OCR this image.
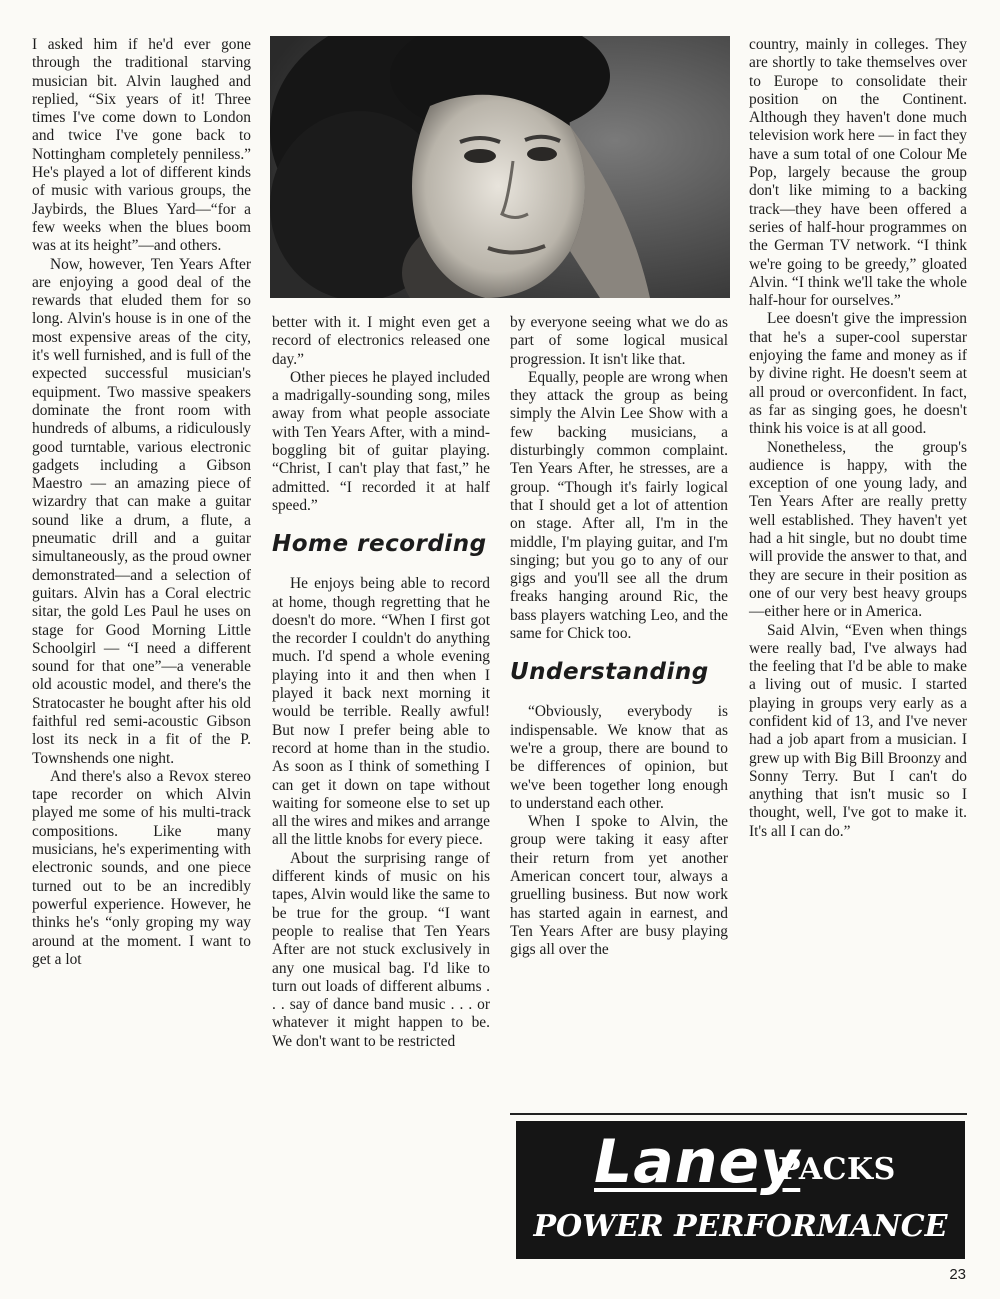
I asked him if he'd ever gone through the traditional starving musician bit. Alvin laughed and replied, “Six years of it! Three times I've come down to London and twice I've gone back to Nottingham completely penniless.” He's played a lot of different kinds of music with various groups, the Jaybirds, the Blues Yard—“for a few weeks when the blues boom was at its height”—and others.

Now, however, Ten Years After are enjoying a good deal of the rewards that eluded them for so long. Alvin's house is in one of the most expensive areas of the city, it's well furnished, and is full of the expected successful musician's equipment. Two massive speakers dominate the front room with hundreds of albums, a ridiculously good turntable, various electronic gadgets including a Gibson Maestro — an amazing piece of wizardry that can make a guitar sound like a drum, a flute, a pneumatic drill and a guitar simultaneously, as the proud owner demonstrated—and a selection of guitars. Alvin has a Coral electric sitar, the gold Les Paul he uses on stage for Good Morning Little Schoolgirl — “I need a different sound for that one”—a venerable old acoustic model, and there's the Stratocaster he bought after his old faithful red semi-acoustic Gibson lost its neck in a fit of the P. Townshends one night.

And there's also a Revox stereo tape recorder on which Alvin played me some of his multi-track compositions. Like many musicians, he's experimenting with electronic sounds, and one piece turned out to be an incredibly powerful experience. However, he thinks he's “only groping my way around at the moment. I want to get a lot

better with it. I might even get a record of electronics released one day.”

Other pieces he played included a madrigally-sounding song, miles away from what people associate with Ten Years After, with a mind-boggling bit of guitar playing. “Christ, I can't play that fast,” he admitted. “I recorded it at half speed.”

Home recording

He enjoys being able to record at home, though regretting that he doesn't do more. “When I first got the recorder I couldn't do anything much. I'd spend a whole evening playing into it and then when I played it back next morning it would be terrible. Really awful! But now I prefer being able to record at home than in the studio. As soon as I think of something I can get it down on tape without waiting for someone else to set up all the wires and mikes and arrange all the little knobs for every piece.

About the surprising range of different kinds of music on his tapes, Alvin would like the same to be true for the group. “I want people to realise that Ten Years After are not stuck exclusively in any one musical bag. I'd like to turn out loads of different albums . . . say of dance band music . . . or whatever it might happen to be. We don't want to be restricted

by everyone seeing what we do as part of some logical musical progression. It isn't like that.

Equally, people are wrong when they attack the group as being simply the Alvin Lee Show with a few backing musicians, a disturbingly common complaint. Ten Years After, he stresses, are a group. “Though it's fairly logical that I should get a lot of attention on stage. After all, I'm in the middle, I'm playing guitar, and I'm singing; but you go to any of our gigs and you'll see all the drum freaks hanging around Ric, the bass players watching Leo, and the same for Chick too.

Understanding

“Obviously, everybody is indispensable. We know that as we're a group, there are bound to be differences of opinion, but we've been together long enough to understand each other.

When I spoke to Alvin, the group were taking it easy after their return from yet another American concert tour, always a gruelling business. But now work has started again in earnest, and Ten Years After are busy playing gigs all over the

country, mainly in colleges. They are shortly to take themselves over to Europe to consolidate their position on the Continent. Although they haven't done much television work here — in fact they have a sum total of one Colour Me Pop, largely because the group don't like miming to a backing track—they have been offered a series of half-hour programmes on the German TV network. “I think we're going to be greedy,” gloated Alvin. “I think we'll take the whole half-hour for ourselves.”

Lee doesn't give the impression that he's a super-cool superstar enjoying the fame and money as if by divine right. He doesn't seem at all proud or overconfident. In fact, as far as singing goes, he doesn't think his voice is at all good.

Nonetheless, the group's audience is happy, with the exception of one young lady, and Ten Years After are really pretty well established. They haven't yet had a hit single, but no doubt time will provide the answer to that, and they are secure in their position as one of our very best heavy groups —either here or in America.

Said Alvin, “Even when things were really bad, I've always had the feeling that I'd be able to make a living out of music. I started playing in groups very early as a confident kid of 13, and I've never had a job apart from a musician. I grew up with Big Bill Broonzy and Sonny Terry. But I can't do anything that isn't music so I thought, well, I've got to make it. It's all I can do.”

Laney
PACKS
POWER PERFORMANCE
23
